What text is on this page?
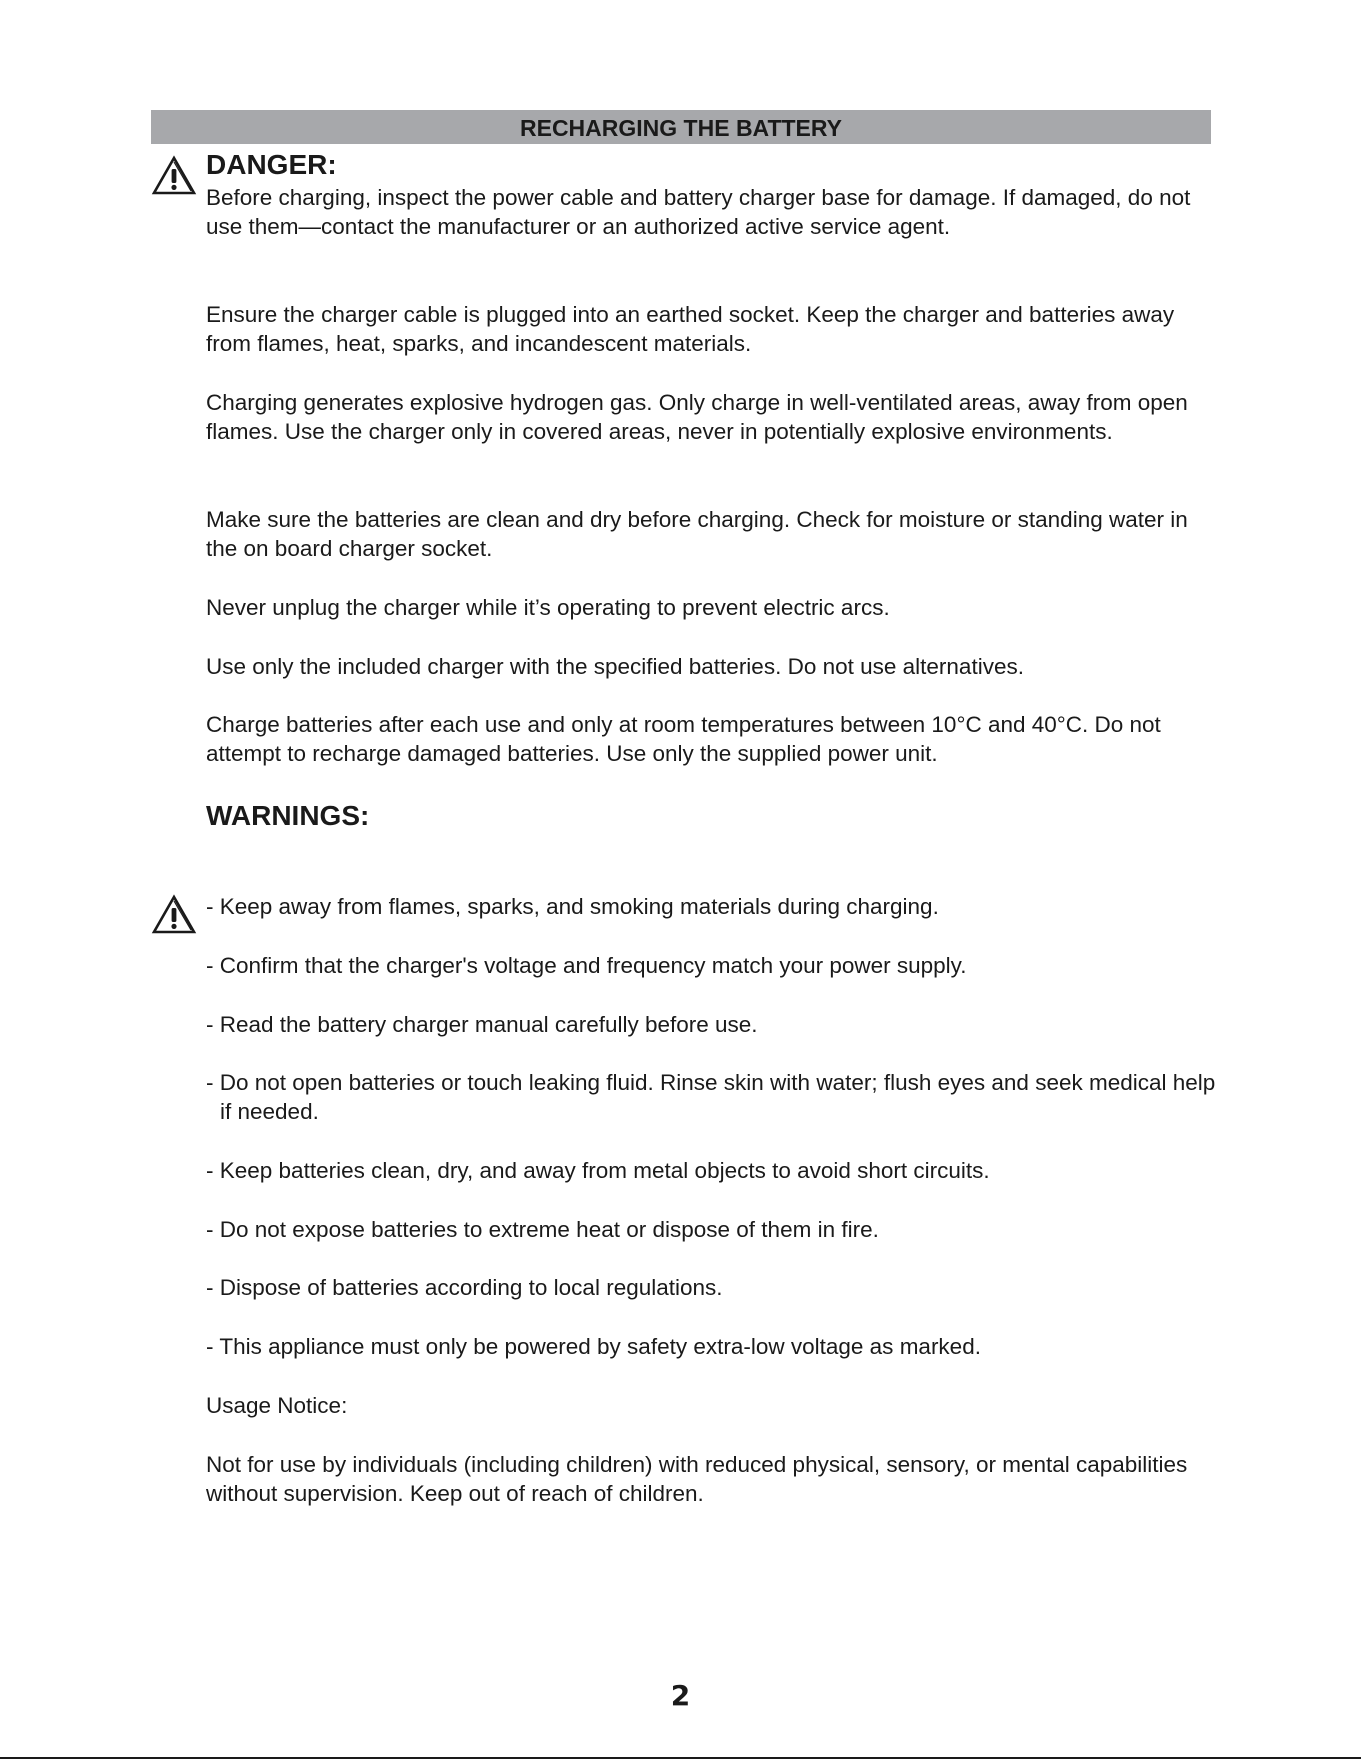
RECHARGING THE BATTERY
DANGER:

Before charging, inspect the power cable and battery charger base for damage. If damaged, do not use them—contact the manufacturer or an authorized active service agent.

Ensure the charger cable is plugged into an earthed socket. Keep the charger and batteries away from flames, heat, sparks, and incandescent materials.

Charging generates explosive hydrogen gas. Only charge in well-ventilated areas, away from open flames. Use the charger only in covered areas, never in potentially explosive environments.

Make sure the batteries are clean and dry before charging. Check for moisture or standing water in the on board charger socket.

Never unplug the charger while it’s operating to prevent electric arcs.

Use only the included charger with the specified batteries. Do not use alternatives.

Charge batteries after each use and only at room temperatures between 10°C and 40°C. Do not attempt to recharge damaged batteries. Use only the supplied power unit.

WARNINGS:

- Keep away from flames, sparks, and smoking materials during charging.

- Confirm that the charger's voltage and frequency match your power supply.

- Read the battery charger manual carefully before use.

- Do not open batteries or touch leaking fluid. Rinse skin with water; flush eyes and seek medical help if needed.

- Keep batteries clean, dry, and away from metal objects to avoid short circuits.

- Do not expose batteries to extreme heat or dispose of them in fire.

- Dispose of batteries according to local regulations.

- This appliance must only be powered by safety extra-low voltage as marked.

Usage Notice:

Not for use by individuals (including children) with reduced physical, sensory, or mental capabilities without supervision. Keep out of reach of children.

2
